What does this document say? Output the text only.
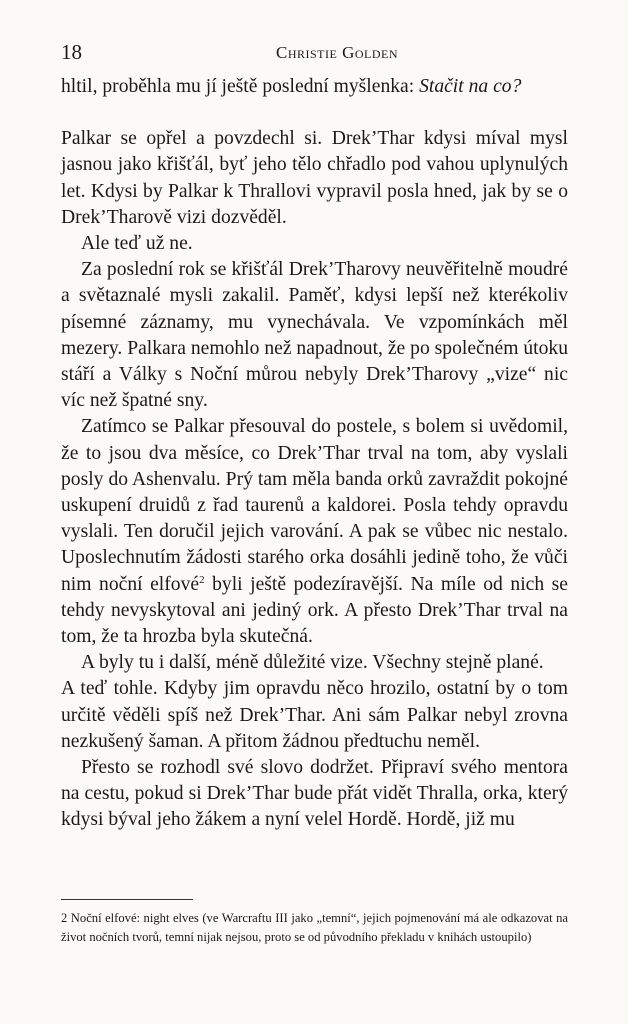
18	Christie Golden

hltil, proběhla mu jí ještě poslední myšlenka: Stačit na co?

Palkar se opřel a povzdechl si. Drek’Thar kdysi míval mysl jasnou jako křišťál, byť jeho tělo chřadlo pod vahou uplynulých let. Kdysi by Palkar k Thrallovi vypravil posla hned, jak by se o Drek’Tharově vizi dozvěděl.

Ale teď už ne.

Za poslední rok se křišťál Drek’Tharovy neuvěřitelně moudré a světaznalé mysli zakalil. Paměť, kdysi lepší než kterékoliv písemné záznamy, mu vynechávala. Ve vzpomínkách měl mezery. Palkara nemohlo než napadnout, že po společném útoku stáří a Války s Noční můrou nebyly Drek’Tharovy „vize“ nic víc než špatné sny.

Zatímco se Palkar přesouval do postele, s bolem si uvědomil, že to jsou dva měsíce, co Drek’Thar trval na tom, aby vyslali posly do Ashenvalu. Prý tam měla banda orků zavraždit pokojné uskupení druidů z řad taurenů a kaldorei. Posla tehdy opravdu vyslali. Ten doručil jejich varování. A pak se vůbec nic nestalo. Uposlechnutím žádosti starého orka dosáhli jedině toho, že vůči nim noční elfové$^2$ byli ještě podezíravější. Na míle od nich se tehdy nevyskytoval ani jediný ork. A přesto Drek’Thar trval na tom, že ta hrozba byla skutečná.

A byly tu i další, méně důležité vize. Všechny stejně plané.

A teď tohle. Kdyby jim opravdu něco hrozilo, ostatní by o tom určitě věděli spíš než Drek’Thar. Ani sám Palkar nebyl zrovna nezkušený šaman. A přitom žádnou předtuchu neměl.

Přesto se rozhodl své slovo dodržet. Připraví svého mentora na cestu, pokud si Drek’Thar bude přát vidět Thralla, orka, který kdysi býval jeho žákem a nyní velel Hordě. Hordě, již mu

2 Noční elfové: night elves (ve Warcraftu III jako „temní“, jejich pojmenování má ale odkazovat na život nočních tvorů, temní nijak nejsou, proto se od původního překladu v knihách ustoupilo)
